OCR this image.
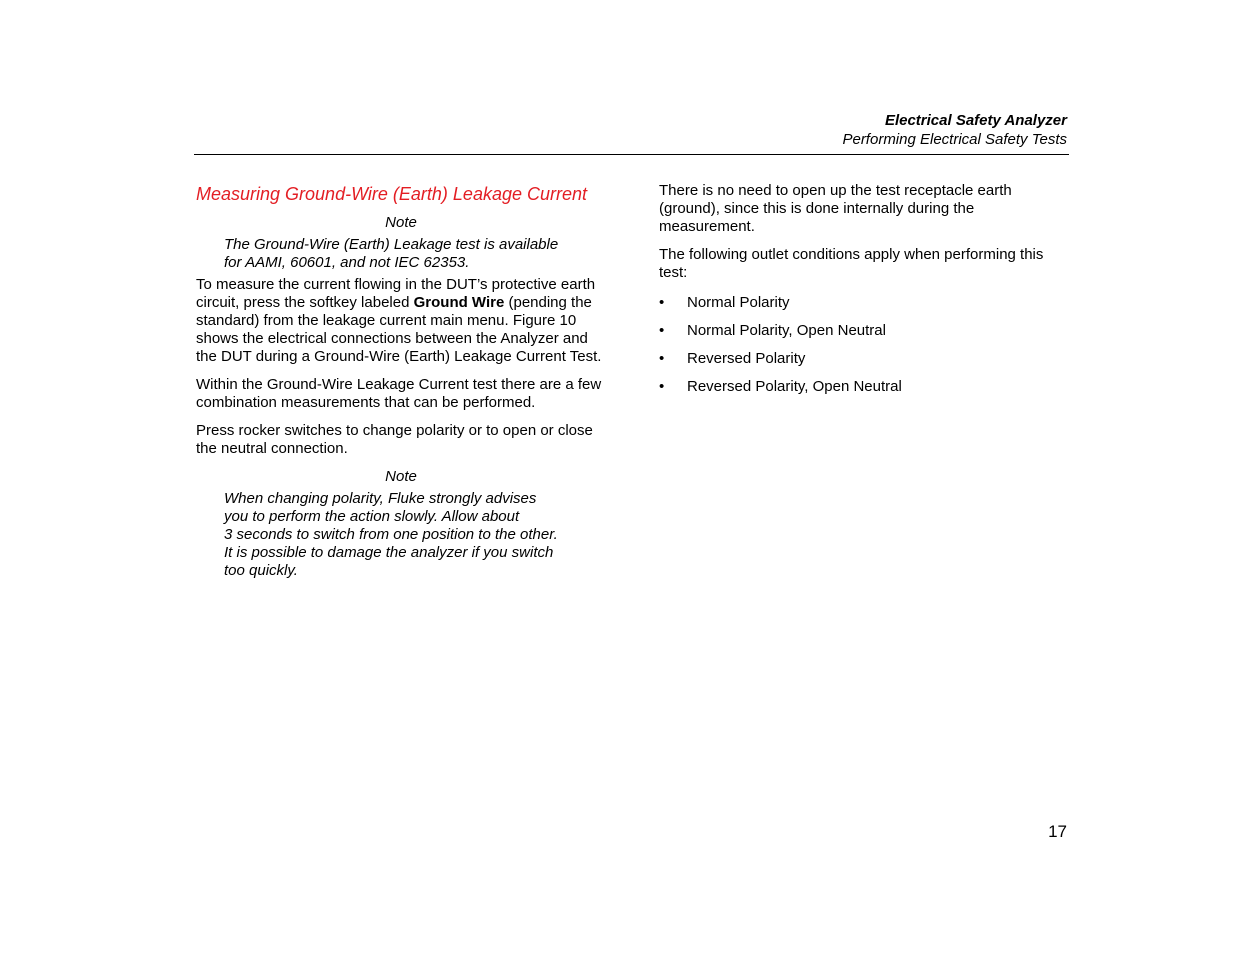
Electrical Safety Analyzer
Performing Electrical Safety Tests
Measuring Ground-Wire (Earth) Leakage Current
Note
The Ground-Wire (Earth) Leakage test is available
for AAMI, 60601, and not IEC 62353.

To measure the current flowing in the DUT’s protective earth circuit, press the softkey labeled Ground Wire (pending the standard) from the leakage current main menu. Figure 10 shows the electrical connections between the Analyzer and the DUT during a Ground-Wire (Earth) Leakage Current Test.

Within the Ground-Wire Leakage Current test there are a few combination measurements that can be performed.

Press rocker switches to change polarity or to open or close the neutral connection.

Note
When changing polarity, Fluke strongly advises
you to perform the action slowly. Allow about
3 seconds to switch from one position to the other.
It is possible to damage the analyzer if you switch
too quickly.

There is no need to open up the test receptacle earth (ground), since this is done internally during the measurement.

The following outlet conditions apply when performing this test:

• Normal Polarity
• Normal Polarity, Open Neutral
• Reversed Polarity
• Reversed Polarity, Open Neutral
17
